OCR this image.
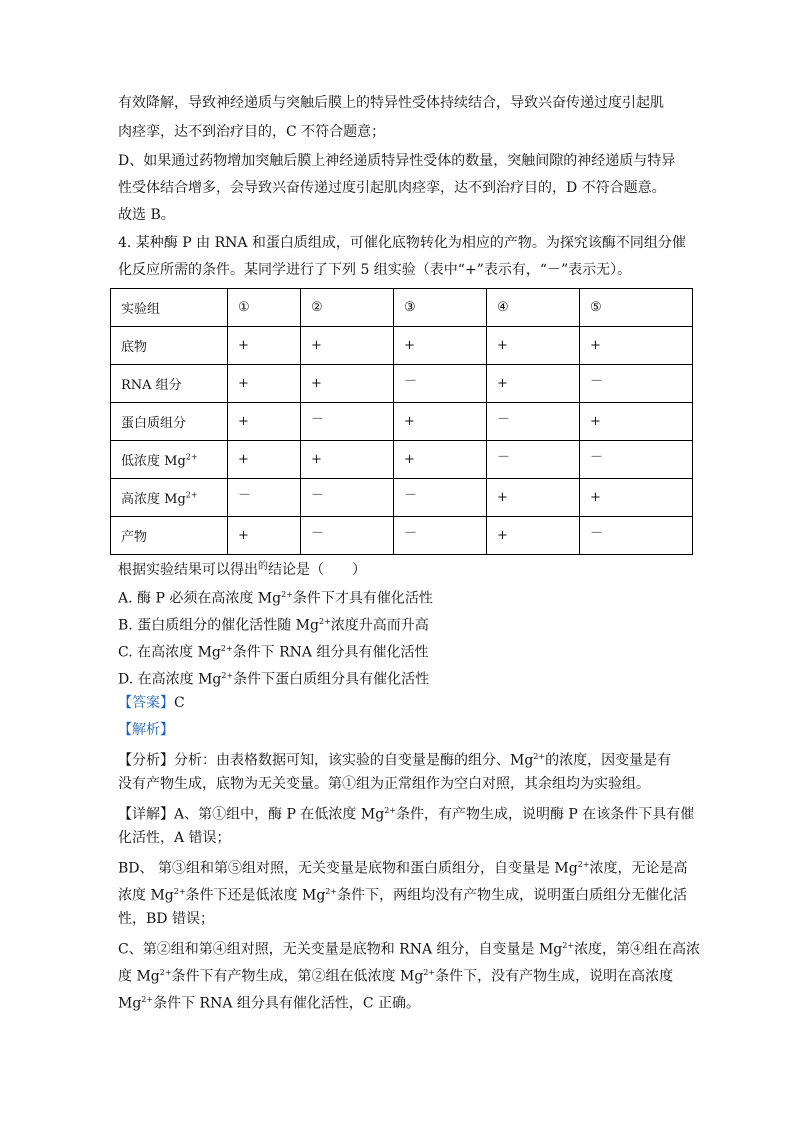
有效降解，导致神经递质与突触后膜上的特异性受体持续结合，导致兴奋传递过度引起肌
肉痉挛，达不到治疗目的，C 不符合题意；
D、如果通过药物增加突触后膜上神经递质特异性受体的数量，突触间隙的神经递质与特异
性受体结合增多，会导致兴奋传递过度引起肌肉痉挛，达不到治疗目的，D 不符合题意。
故选 B。
4. 某种酶 P 由 RNA 和蛋白质组成，可催化底物转化为相应的产物。为探究该酶不同组分催
化反应所需的条件。某同学进行了下列 5 组实验（表中“+”表示有，“－”表示无）。
实验组	①	②	③	④	⑤
底物	+	+	+	+	+
RNA 组分	+	+	－	+	－
蛋白质组分	+	－	+	－	+
低浓度 $Mg^{2+}$	+	+	+	－	－
高浓度 $Mg^{2+}$	－	－	－	+	+
产物	+	－	－	+	－
根据实验结果可以得出$^的$结论是（　　）
A. 酶 P 必须在高浓度 $Mg^{2+}$条件下才具有催化活性
B. 蛋白质组分的催化活性随 $Mg^{2+}$浓度升高而升高
C. 在高浓度 $Mg^{2+}$条件下 RNA 组分具有催化活性
D. 在高浓度 $Mg^{2+}$条件下蛋白质组分具有催化活性
【答案】C
【解析】
【分析】分析：由表格数据可知，该实验的自变量是酶的组分、$Mg^{2+}$的浓度，因变量是有
没有产物生成，底物为无关变量。第①组为正常组作为空白对照，其余组均为实验组。
【详解】A、第①组中，酶 P 在低浓度 $Mg^{2+}$条件，有产物生成，说明酶 P 在该条件下具有催
化活性，A 错误；
BD、 第③组和第⑤组对照，无关变量是底物和蛋白质组分，自变量是 $Mg^{2+}$浓度，无论是高
浓度 $Mg^{2+}$条件下还是低浓度 $Mg^{2+}$条件下，两组均没有产物生成，说明蛋白质组分无催化活
性，BD 错误；
C、第②组和第④组对照，无关变量是底物和 RNA 组分，自变量是 $Mg^{2+}$浓度，第④组在高浓
度 $Mg^{2+}$条件下有产物生成，第②组在低浓度 $Mg^{2+}$条件下，没有产物生成，说明在高浓度
$Mg^{2+}$条件下 RNA 组分具有催化活性，C 正确。
